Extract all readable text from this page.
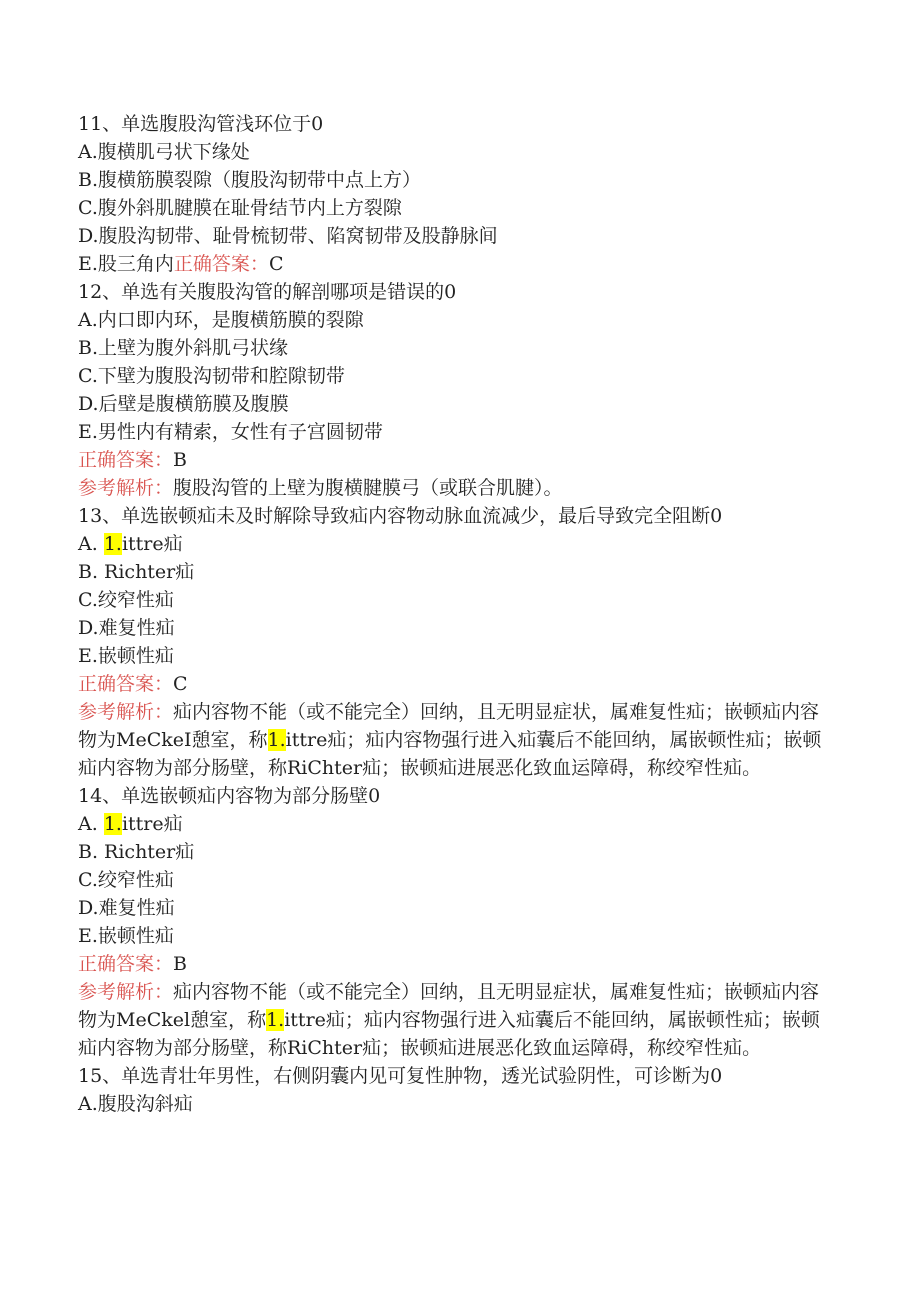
11、单选腹股沟管浅环位于0
A.腹横肌弓状下缘处
B.腹横筋膜裂隙（腹股沟韧带中点上方）
C.腹外斜肌腱膜在耻骨结节内上方裂隙
D.腹股沟韧带、耻骨梳韧带、陷窝韧带及股静脉间
E.股三角内正确答案：C
12、单选有关腹股沟管的解剖哪项是错误的0
A.内口即内环，是腹横筋膜的裂隙
B.上壁为腹外斜肌弓状缘
C.下壁为腹股沟韧带和腔隙韧带
D.后壁是腹横筋膜及腹膜
E.男性内有精索，女性有子宫圆韧带
正确答案：B
参考解析：腹股沟管的上壁为腹横腱膜弓（或联合肌腱）。
13、单选嵌顿疝未及时解除导致疝内容物动脉血流减少，最后导致完全阻断0
A. 1.ittre疝
B. Richter疝
C.绞窄性疝
D.难复性疝
E.嵌顿性疝
正确答案：C
参考解析：疝内容物不能（或不能完全）回纳，且无明显症状，属难复性疝；嵌顿疝内容物为MeCkeI憩室，称1.ittre疝；疝内容物强行进入疝囊后不能回纳，属嵌顿性疝；嵌顿疝内容物为部分肠壁，称RiChter疝；嵌顿疝进展恶化致血运障碍，称绞窄性疝。
14、单选嵌顿疝内容物为部分肠壁0
A. 1.ittre疝
B. Richter疝
C.绞窄性疝
D.难复性疝
E.嵌顿性疝
正确答案：B
参考解析：疝内容物不能（或不能完全）回纳，且无明显症状，属难复性疝；嵌顿疝内容物为MeCkel憩室，称1.ittre疝；疝内容物强行进入疝囊后不能回纳，属嵌顿性疝；嵌顿疝内容物为部分肠壁，称RiChter疝；嵌顿疝进展恶化致血运障碍，称绞窄性疝。
15、单选青壮年男性，右侧阴囊内见可复性肿物，透光试验阴性，可诊断为0
A.腹股沟斜疝
